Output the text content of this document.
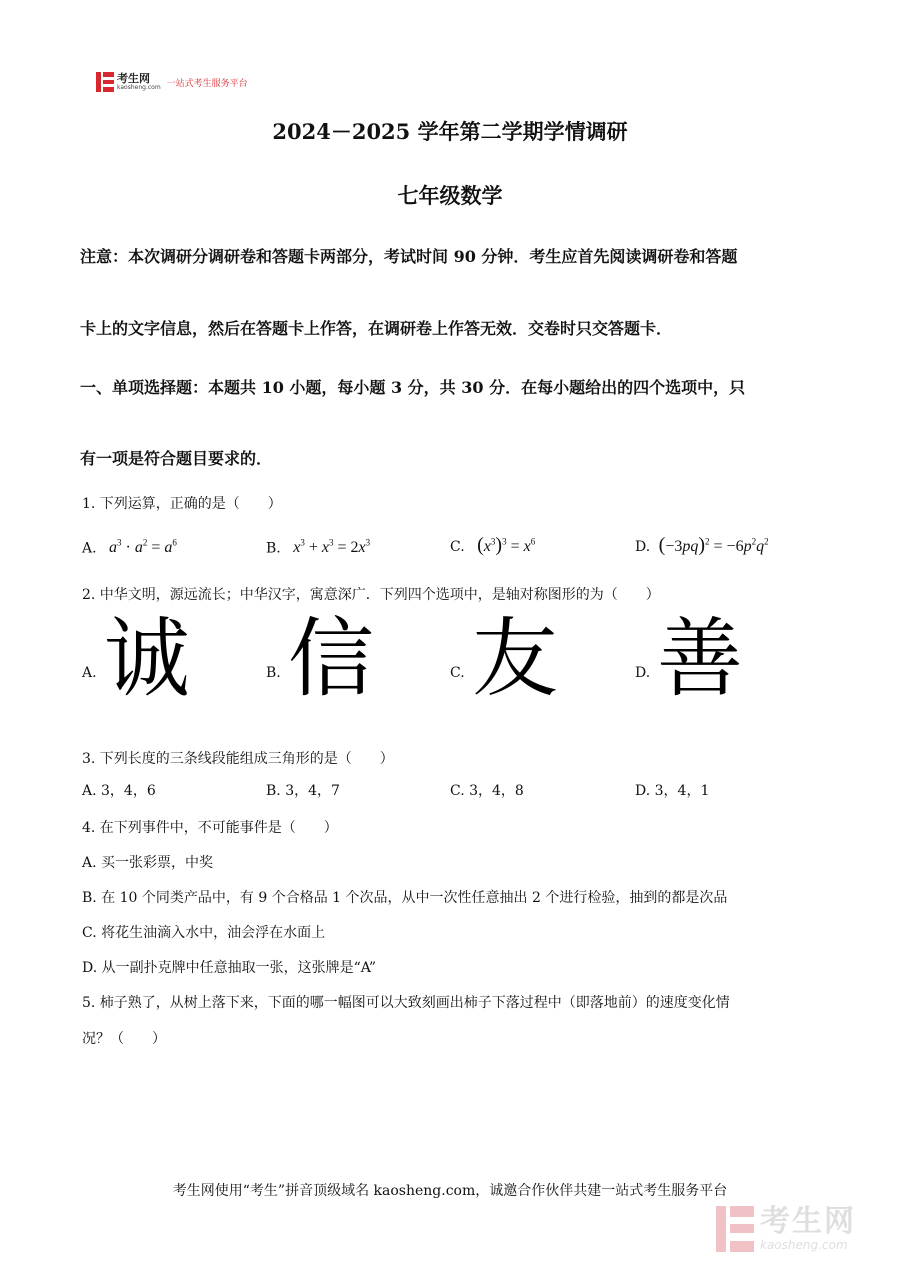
考生网
kaosheng.com 一站式考生服务平台
2024－2025 学年第二学期学情调研
七年级数学
注意：本次调研分调研卷和答题卡两部分，考试时间 90 分钟．考生应首先阅读调研卷和答题
卡上的文字信息，然后在答题卡上作答，在调研卷上作答无效．交卷时只交答题卡．
一、单项选择题：本题共 10 小题，每小题 3 分，共 30 分．在每小题给出的四个选项中，只
有一项是符合题目要求的．
1. 下列运算，正确的是（　　）
A.   $a^3 \cdot a^2 = a^6$	B.   $x^3 + x^3 = 2x^3$	C. $(x^3)^3 = x^6$	D. $(-3pq)^2 = -6p^2q^2$
2. 中华文明，源远流长；中华汉字，寓意深广．下列四个选项中，是轴对称图形的为（　　）
A. 诚	B. 信	C. 友	D. 善
3. 下列长度的三条线段能组成三角形的是（　　）
A. 3，4，6	B. 3，4，7	C. 3，4，8	D. 3，4，1
4. 在下列事件中，不可能事件是（　　）
A. 买一张彩票，中奖
B. 在 10 个同类产品中，有 9 个合格品 1 个次品，从中一次性任意抽出 2 个进行检验，抽到的都是次品
C. 将花生油滴入水中，油会浮在水面上
D. 从一副扑克牌中任意抽取一张，这张牌是“A”
5. 柿子熟了，从树上落下来，下面的哪一幅图可以大致刻画出柿子下落过程中（即落地前）的速度变化情
况？（　　）
考生网使用“考生”拼音顶级域名 kaosheng.com，诚邀合作伙伴共建一站式考生服务平台
考生网
kaosheng.com
